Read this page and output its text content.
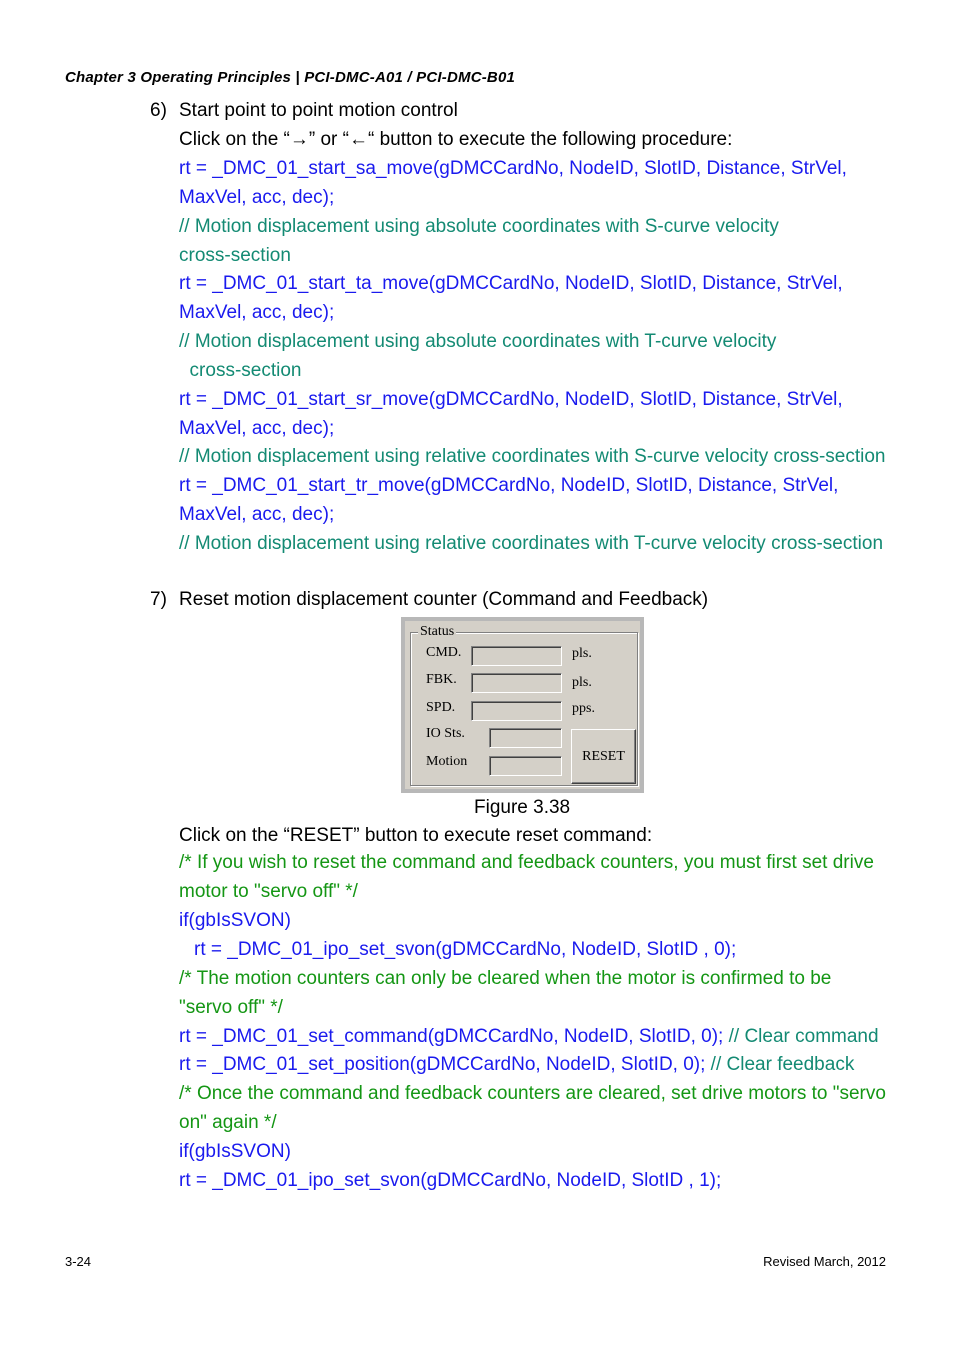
Chapter 3 Operating Principles | PCI-DMC-A01 / PCI-DMC-B01
6) Start point to point motion control
Click on the “→” or “←“ button to execute the following procedure:
rt = _DMC_01_start_sa_move(gDMCCardNo, NodeID, SlotID, Distance, StrVel,
MaxVel, acc, dec);
// Motion displacement using absolute coordinates with S-curve velocity
cross-section
rt = _DMC_01_start_ta_move(gDMCCardNo, NodeID, SlotID, Distance, StrVel,
MaxVel, acc, dec);
// Motion displacement using absolute coordinates with T-curve velocity
cross-section
rt = _DMC_01_start_sr_move(gDMCCardNo, NodeID, SlotID, Distance, StrVel,
MaxVel, acc, dec);
// Motion displacement using relative coordinates with S-curve velocity cross-section
rt = _DMC_01_start_tr_move(gDMCCardNo, NodeID, SlotID, Distance, StrVel,
MaxVel, acc, dec);
// Motion displacement using relative coordinates with T-curve velocity cross-section
7) Reset motion displacement counter (Command and Feedback)
Status
CMD.	pls.
FBK.	pls.
SPD.	pps.
IO Sts.
Motion	RESET
Figure 3.38
Click on the “RESET” button to execute reset command:
/* If you wish to reset the command and feedback counters, you must first set drive
motor to "servo off" */
if(gbIsSVON)
rt = _DMC_01_ipo_set_svon(gDMCCardNo, NodeID, SlotID , 0);
/* The motion counters can only be cleared when the motor is confirmed to be
"servo off" */
rt = _DMC_01_set_command(gDMCCardNo, NodeID, SlotID, 0); // Clear command
rt = _DMC_01_set_position(gDMCCardNo, NodeID, SlotID, 0); // Clear feedback
/* Once the command and feedback counters are cleared, set drive motors to "servo
on" again */
if(gbIsSVON)
rt = _DMC_01_ipo_set_svon(gDMCCardNo, NodeID, SlotID , 1);
3-24	Revised March, 2012
